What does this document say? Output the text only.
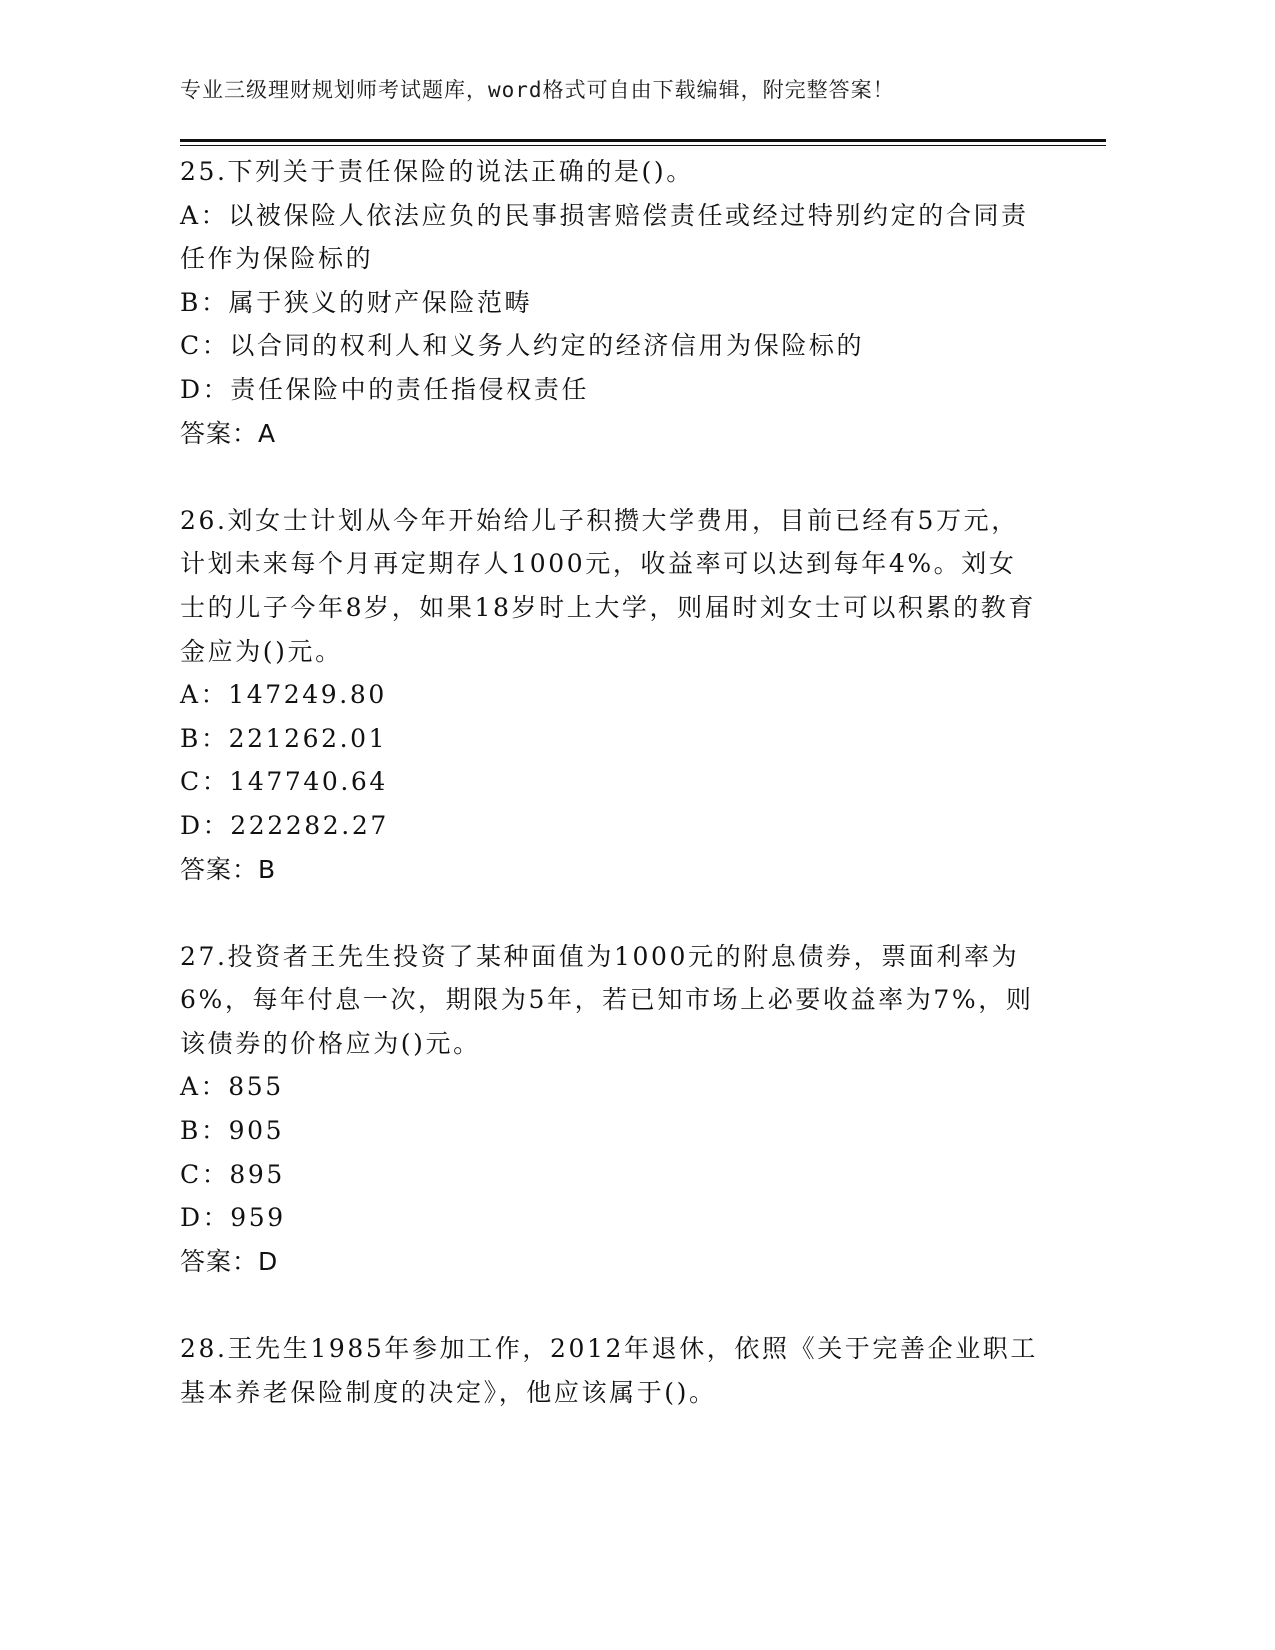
专业三级理财规划师考试题库，word格式可自由下载编辑，附完整答案！
25.下列关于责任保险的说法正确的是()。
A：以被保险人依法应负的民事损害赔偿责任或经过特别约定的合同责任作为保险标的
B：属于狭义的财产保险范畴
C：以合同的权利人和义务人约定的经济信用为保险标的
D：责任保险中的责任指侵权责任
答案：A
26.刘女士计划从今年开始给儿子积攒大学费用，目前已经有5万元，计划未来每个月再定期存人1000元，收益率可以达到每年4%。刘女士的儿子今年8岁，如果18岁时上大学，则届时刘女士可以积累的教育金应为()元。
A：147249.80
B：221262.01
C：147740.64
D：222282.27
答案：B
27.投资者王先生投资了某种面值为1000元的附息债券，票面利率为6%，每年付息一次，期限为5年，若已知市场上必要收益率为7%，则该债券的价格应为()元。
A：855
B：905
C：895
D：959
答案：D
28.王先生1985年参加工作，2012年退休，依照《关于完善企业职工基本养老保险制度的决定》，他应该属于()。
